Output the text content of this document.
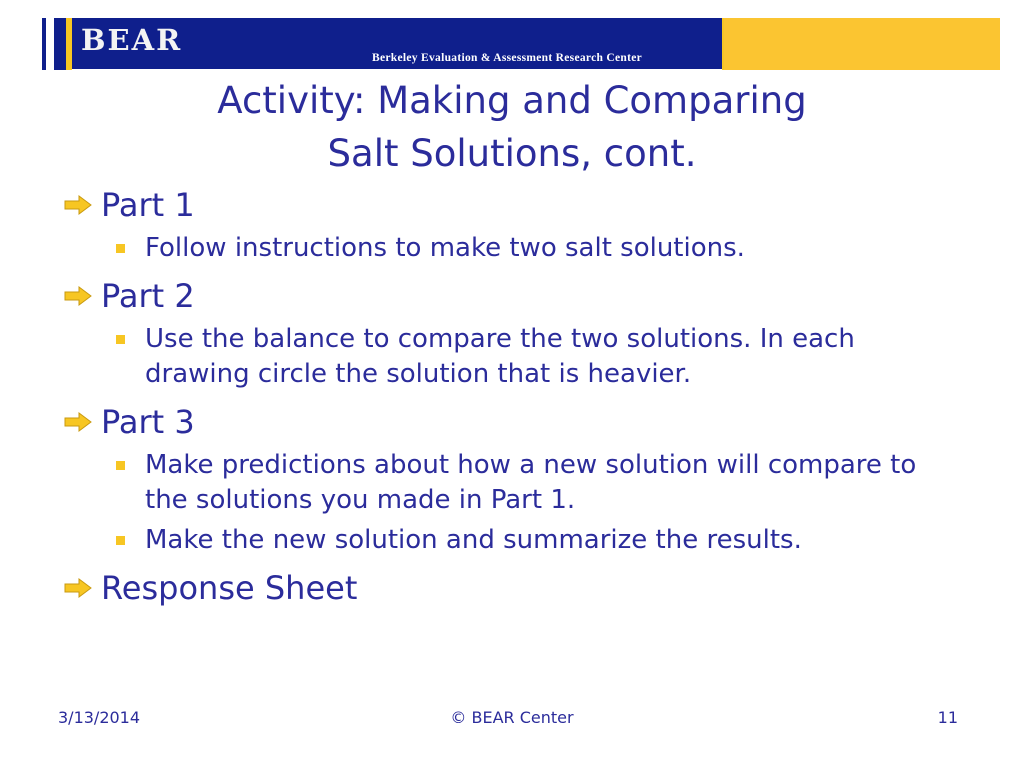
BEAR
Berkeley Evaluation & Assessment Research Center
Activity: Making and Comparing
Salt Solutions, cont.
Part 1
Follow instructions to make two salt solutions.
Part 2
Use the balance to compare the two solutions. In each drawing circle the solution that is heavier.
Part 3
Make predictions about how a new solution will compare to the solutions you made in Part 1.
Make the new solution and summarize the results.
Response Sheet
3/13/2014	© BEAR Center	11
